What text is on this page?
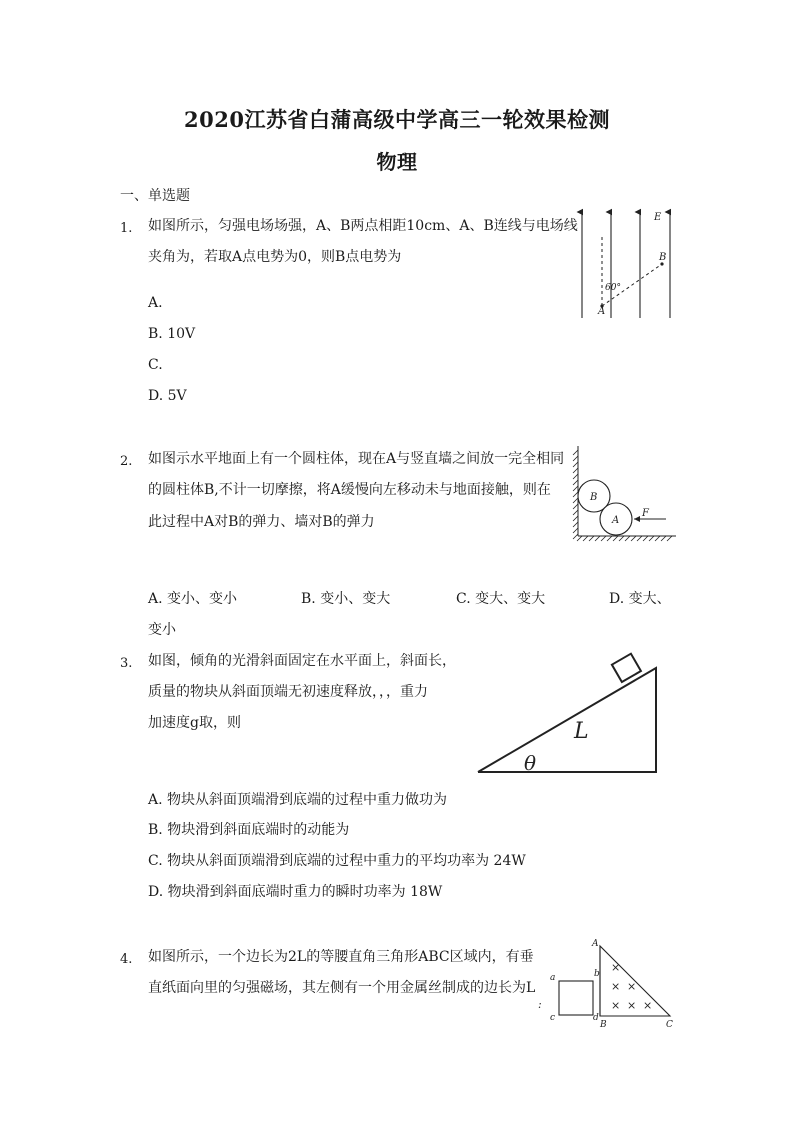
2020江苏省白蒲高级中学高三一轮效果检测
物理
一、单选题
1. 如图所示，匀强电场场强，A、B两点相距10cm、A、B连线与电场线
夹角为，若取A点电势为0，则B点电势为
A.
B. 10V
C.
D. 5V
E
B
A
60°
2. 如图示水平地面上有一个圆柱体，现在A与竖直墙之间放一完全相同
的圆柱体B,不计一切摩擦，将A缓慢向左移动未与地面接触，则在
此过程中A对B的弹力、墙对B的弹力
A. 变小、变小	B. 变小、变大	C. 变大、变大	D. 变大、
变小
B
A
F
3. 如图，倾角的光滑斜面固定在水平面上，斜面长，
质量的物块从斜面顶端无初速度释放，，，重力
加速度g取，则
A. 物块从斜面顶端滑到底端的过程中重力做功为
B. 物块滑到斜面底端时的动能为
C. 物块从斜面顶端滑到底端的过程中重力的平均功率为 24W
D. 物块滑到斜面底端时重力的瞬时功率为 18W
L
θ
4. 如图所示，一个边长为2L的等腰直角三角形ABC区域内，有垂
直纸面向里的匀强磁场，其左侧有一个用金属丝制成的边长为L
:
×
× ×
× × ×
A
B	C
a	b
c	d
